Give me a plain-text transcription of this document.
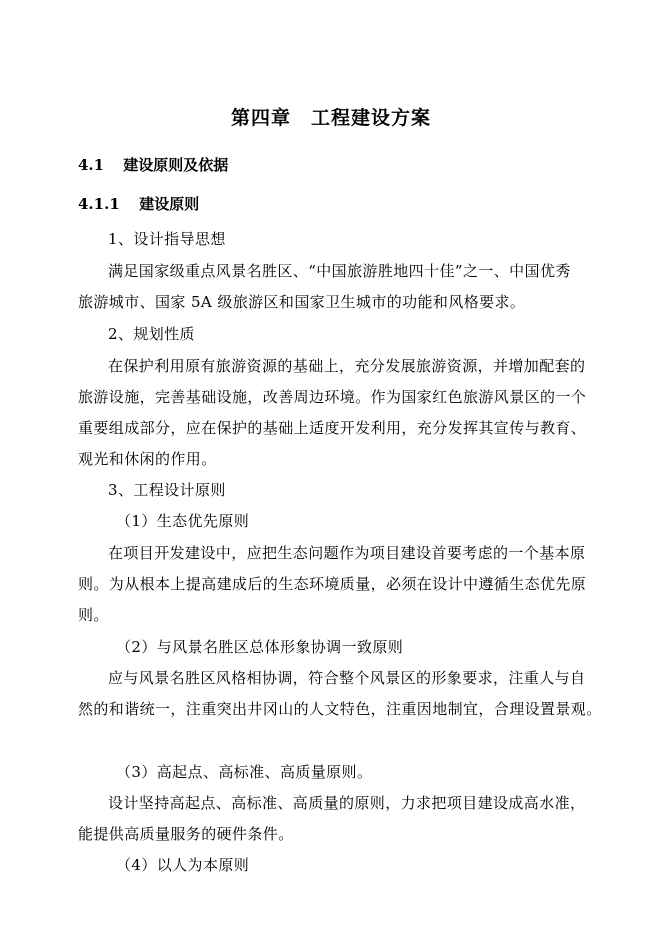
第四章　工程建设方案
4.1 建设原则及依据
4.1.1 建设原则
1、设计指导思想
满足国家级重点风景名胜区、“中国旅游胜地四十佳”之一、中国优秀
旅游城市、国家 5A 级旅游区和国家卫生城市的功能和风格要求。
2、规划性质
在保护利用原有旅游资源的基础上，充分发展旅游资源，并增加配套的
旅游设施，完善基础设施，改善周边环境。作为国家红色旅游风景区的一个
重要组成部分，应在保护的基础上适度开发利用，充分发挥其宣传与教育、
观光和休闲的作用。
3、工程设计原则
（1）生态优先原则
在项目开发建设中，应把生态问题作为项目建设首要考虑的一个基本原
则。为从根本上提高建成后的生态环境质量，必须在设计中遵循生态优先原
则。
（2）与风景名胜区总体形象协调一致原则
应与风景名胜区风格相协调，符合整个风景区的形象要求，注重人与自
然的和谐统一，注重突出井冈山的人文特色，注重因地制宜，合理设置景观。
（3）高起点、高标准、高质量原则。
设计坚持高起点、高标准、高质量的原则，力求把项目建设成高水准，
能提供高质量服务的硬件条件。
（4）以人为本原则
